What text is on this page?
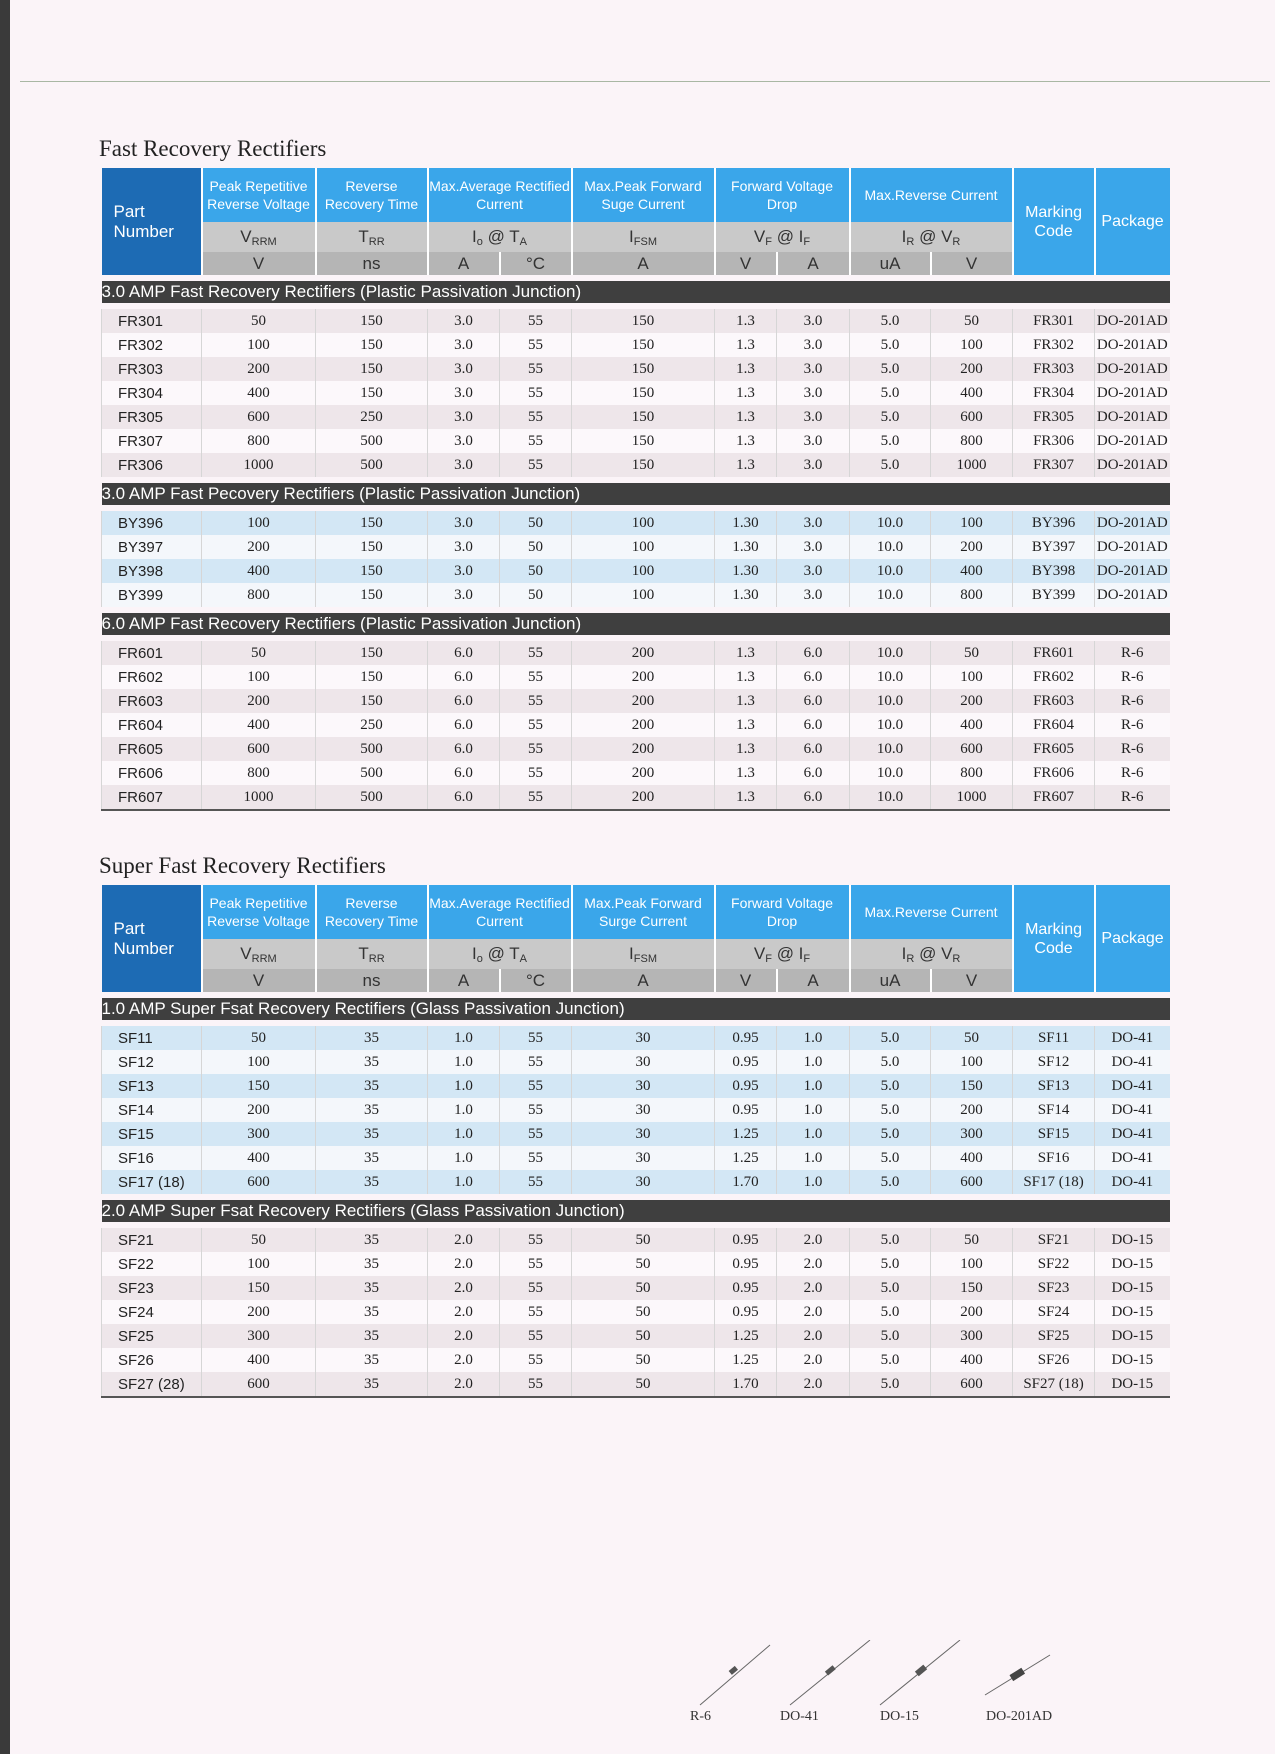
Fast Recovery Rectifiers
Part Number	Peak Repetitive Reverse Voltage	Reverse Recovery Time	Max.Average Rectified Current		Max.Peak Forward Suge Current	Forward Voltage Drop		Max.Reverse Current		Marking Code	Package
	$V_{RRM}$	$T_{RR}$	$I_o$ @ $T_A$		$I_{FSM}$	$V_F$ @ $I_F$		$I_R$ @ $V_R$
	V	ns	A	°C	A	V	A	uA	V		
3.0 AMP Fast Recovery Rectifiers (Plastic Passivation Junction)											
FR301	50	150	3.0	55	150	1.3	3.0	5.0	50	FR301	DO-201AD
FR302	100	150	3.0	55	150	1.3	3.0	5.0	100	FR302	DO-201AD
FR303	200	150	3.0	55	150	1.3	3.0	5.0	200	FR303	DO-201AD
FR304	400	150	3.0	55	150	1.3	3.0	5.0	400	FR304	DO-201AD
FR305	600	250	3.0	55	150	1.3	3.0	5.0	600	FR305	DO-201AD
FR307	800	500	3.0	55	150	1.3	3.0	5.0	800	FR306	DO-201AD
FR306	1000	500	3.0	55	150	1.3	3.0	5.0	1000	FR307	DO-201AD
3.0 AMP Fast Pecovery Rectifiers (Plastic Passivation Junction)											
BY396	100	150	3.0	50	100	1.30	3.0	10.0	100	BY396	DO-201AD
BY397	200	150	3.0	50	100	1.30	3.0	10.0	200	BY397	DO-201AD
BY398	400	150	3.0	50	100	1.30	3.0	10.0	400	BY398	DO-201AD
BY399	800	150	3.0	50	100	1.30	3.0	10.0	800	BY399	DO-201AD
6.0 AMP Fast Recovery Rectifiers (Plastic Passivation Junction)											
FR601	50	150	6.0	55	200	1.3	6.0	10.0	50	FR601	R-6
FR602	100	150	6.0	55	200	1.3	6.0	10.0	100	FR602	R-6
FR603	200	150	6.0	55	200	1.3	6.0	10.0	200	FR603	R-6
FR604	400	250	6.0	55	200	1.3	6.0	10.0	400	FR604	R-6
FR605	600	500	6.0	55	200	1.3	6.0	10.0	600	FR605	R-6
FR606	800	500	6.0	55	200	1.3	6.0	10.0	800	FR606	R-6
FR607	1000	500	6.0	55	200	1.3	6.0	10.0	1000	FR607	R-6
Super Fast Recovery Rectifiers
Part Number	Peak Repetitive Reverse Voltage	Reverse Recovery Time	Max.Average Rectified Current		Max.Peak Forward Surge Current	Forward Voltage Drop		Max.Reverse Current		Marking Code	Package
	$V_{RRM}$	$T_{RR}$	$I_o$ @ $T_A$		$I_{FSM}$	$V_F$ @ $I_F$		$I_R$ @ $V_R$
	V	ns	A	°C	A	V	A	uA	V		
1.0 AMP Super Fsat Recovery Rectifiers (Glass Passivation Junction)											
SF11	50	35	1.0	55	30	0.95	1.0	5.0	50	SF11	DO-41
SF12	100	35	1.0	55	30	0.95	1.0	5.0	100	SF12	DO-41
SF13	150	35	1.0	55	30	0.95	1.0	5.0	150	SF13	DO-41
SF14	200	35	1.0	55	30	0.95	1.0	5.0	200	SF14	DO-41
SF15	300	35	1.0	55	30	1.25	1.0	5.0	300	SF15	DO-41
SF16	400	35	1.0	55	30	1.25	1.0	5.0	400	SF16	DO-41
SF17 (18)	600	35	1.0	55	30	1.70	1.0	5.0	600	SF17 (18)	DO-41
2.0 AMP Super Fsat Recovery Rectifiers (Glass Passivation Junction)											
SF21	50	35	2.0	55	50	0.95	2.0	5.0	50	SF21	DO-15
SF22	100	35	2.0	55	50	0.95	2.0	5.0	100	SF22	DO-15
SF23	150	35	2.0	55	50	0.95	2.0	5.0	150	SF23	DO-15
SF24	200	35	2.0	55	50	0.95	2.0	5.0	200	SF24	DO-15
SF25	300	35	2.0	55	50	1.25	2.0	5.0	300	SF25	DO-15
SF26	400	35	2.0	55	50	1.25	2.0	5.0	400	SF26	DO-15
SF27 (28)	600	35	2.0	55	50	1.70	2.0	5.0	600	SF27 (18)	DO-15
R-6	DO-41	DO-15	DO-201AD
